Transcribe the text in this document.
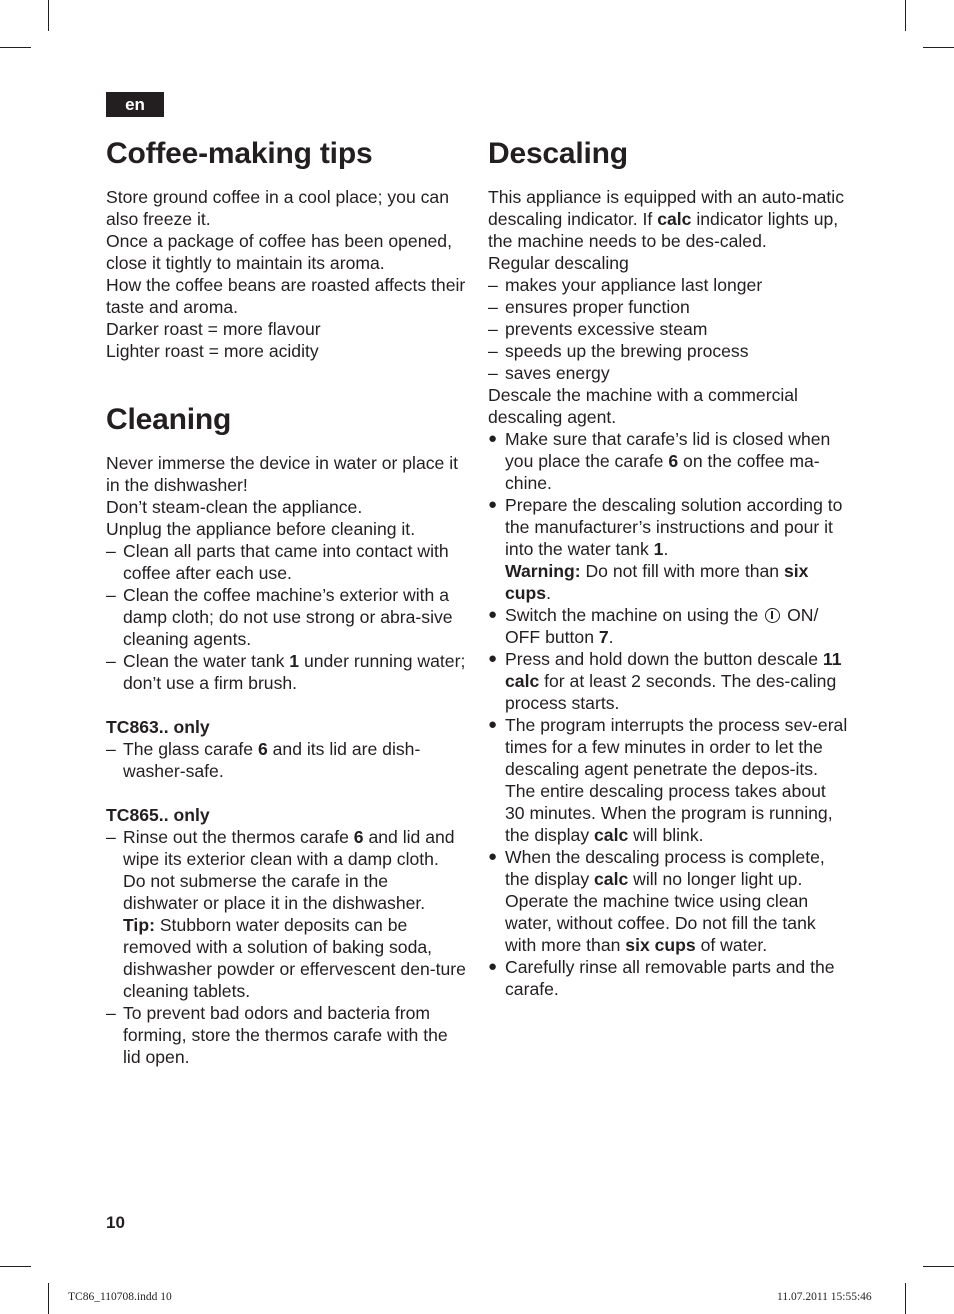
en
Coffee-making tips

Store ground coffee in a cool place; you can also freeze it.

Once a package of coffee has been opened, close it tightly to maintain its aroma.

How the coffee beans are roasted affects their taste and aroma.

Darker roast = more flavour

Lighter roast = more acidity

Cleaning

Never immerse the device in water or place it in the dishwasher!

Don’t steam-clean the appliance.

Unplug the appliance before cleaning it.

– Clean all parts that came into contact with coffee after each use.

– Clean the coffee machine’s exterior with a damp cloth; do not use strong or abra-sive cleaning agents.

– Clean the water tank 1 under running water; don’t use a firm brush.

TC863.. only

– The glass carafe 6 and its lid are dish-washer-safe.

TC865.. only

– Rinse out the thermos carafe 6 and lid and wipe its exterior clean with a damp cloth. Do not submerse the carafe in the dishwater or place it in the dishwasher.
Tip: Stubborn water deposits can be removed with a solution of baking soda, dishwasher powder or effervescent den-ture cleaning tablets.

– To prevent bad odors and bacteria from forming, store the thermos carafe with the lid open.

Descaling

This appliance is equipped with an auto-matic descaling indicator. If calc indicator lights up, the machine needs to be des-caled.

Regular descaling

– makes your appliance last longer

– ensures proper function

– prevents excessive steam

– speeds up the brewing process

– saves energy

Descale the machine with a commercial descaling agent.

● Make sure that carafe’s lid is closed when you place the carafe 6 on the coffee ma-chine.

● Prepare the descaling solution according to the manufacturer’s instructions and pour it into the water tank 1.
Warning: Do not fill with more than six cups.

● Switch the machine on using the  ON/ OFF button 7.

● Press and hold down the button descale 11 calc for at least 2 seconds. The des-caling process starts.

● The program interrupts the process sev-eral times for a few minutes in order to let the descaling agent penetrate the depos-its. The entire descaling process takes about 30 minutes. When the program is running, the display calc will blink.

● When the descaling process is complete, the display calc will no longer light up. Operate the machine twice using clean water, without coffee. Do not fill the tank with more than six cups of water.

● Carefully rinse all removable parts and the carafe.

10
TC86_110708.indd 10	11.07.2011 15:55:46
